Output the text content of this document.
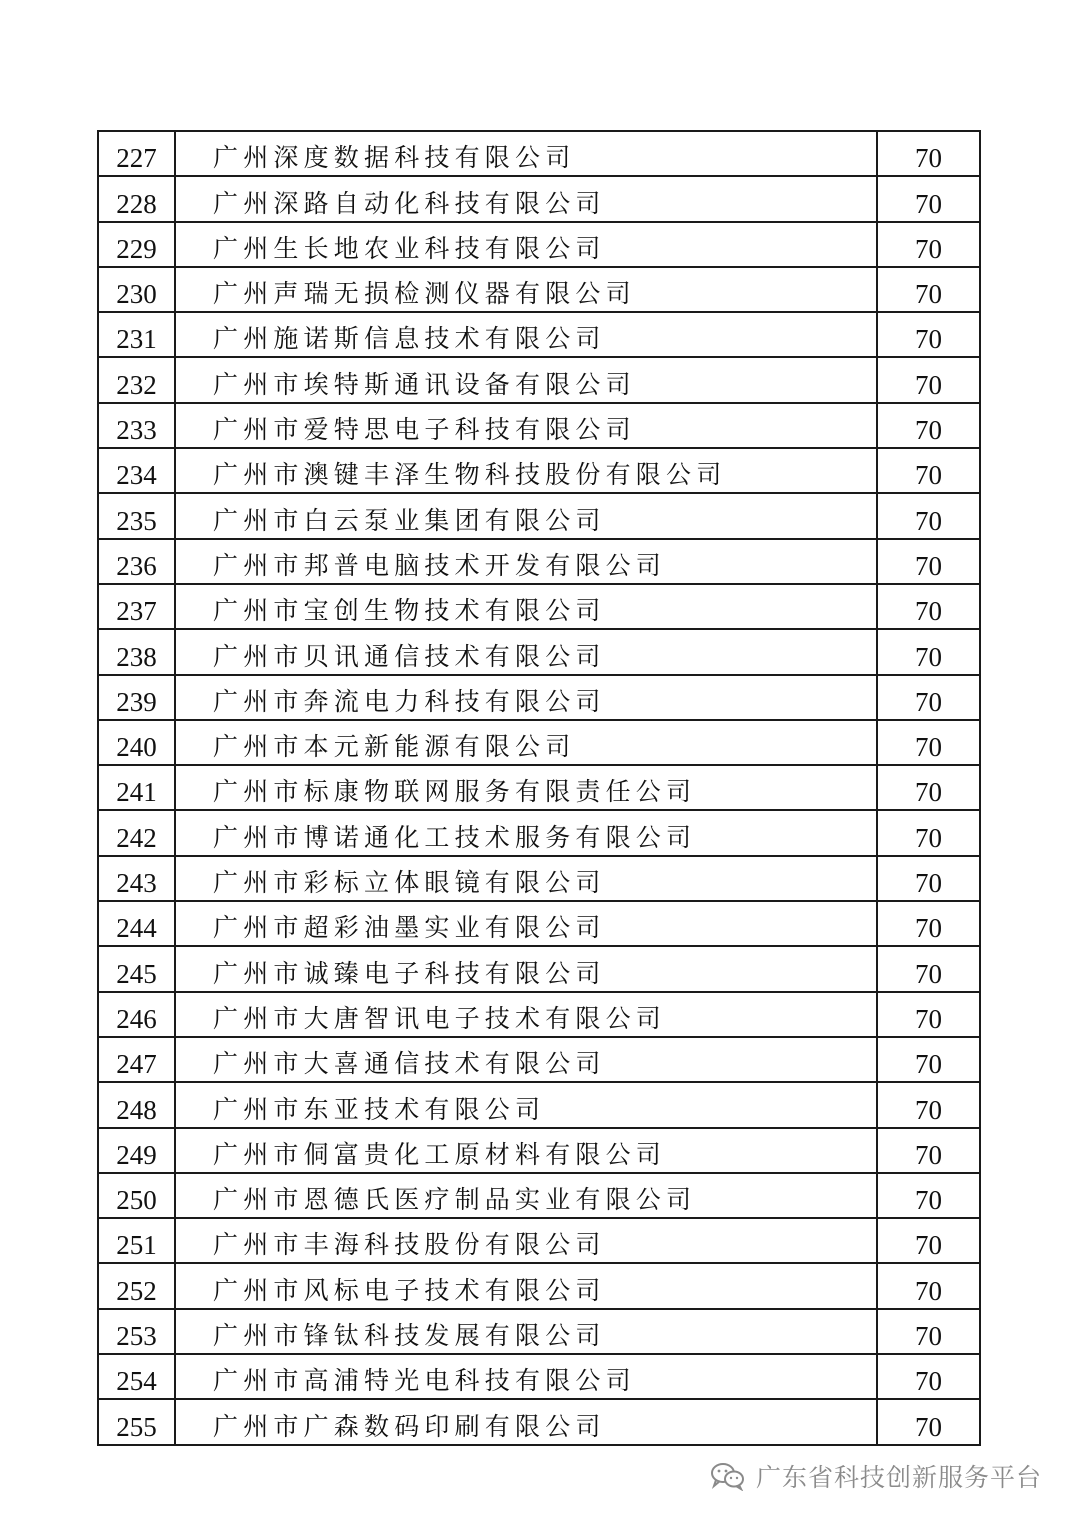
227	广州深度数据科技有限公司	70
228	广州深路自动化科技有限公司	70
229	广州生长地农业科技有限公司	70
230	广州声瑞无损检测仪器有限公司	70
231	广州施诺斯信息技术有限公司	70
232	广州市埃特斯通讯设备有限公司	70
233	广州市爱特思电子科技有限公司	70
234	广州市澳键丰泽生物科技股份有限公司	70
235	广州市白云泵业集团有限公司	70
236	广州市邦普电脑技术开发有限公司	70
237	广州市宝创生物技术有限公司	70
238	广州市贝讯通信技术有限公司	70
239	广州市奔流电力科技有限公司	70
240	广州市本元新能源有限公司	70
241	广州市标康物联网服务有限责任公司	70
242	广州市博诺通化工技术服务有限公司	70
243	广州市彩标立体眼镜有限公司	70
244	广州市超彩油墨实业有限公司	70
245	广州市诚臻电子科技有限公司	70
246	广州市大唐智讯电子技术有限公司	70
247	广州市大喜通信技术有限公司	70
248	广州市东亚技术有限公司	70
249	广州市侗富贵化工原材料有限公司	70
250	广州市恩德氏医疗制品实业有限公司	70
251	广州市丰海科技股份有限公司	70
252	广州市风标电子技术有限公司	70
253	广州市锋钛科技发展有限公司	70
254	广州市高浦特光电科技有限公司	70
255	广州市广森数码印刷有限公司	70
广东省科技创新服务平台
